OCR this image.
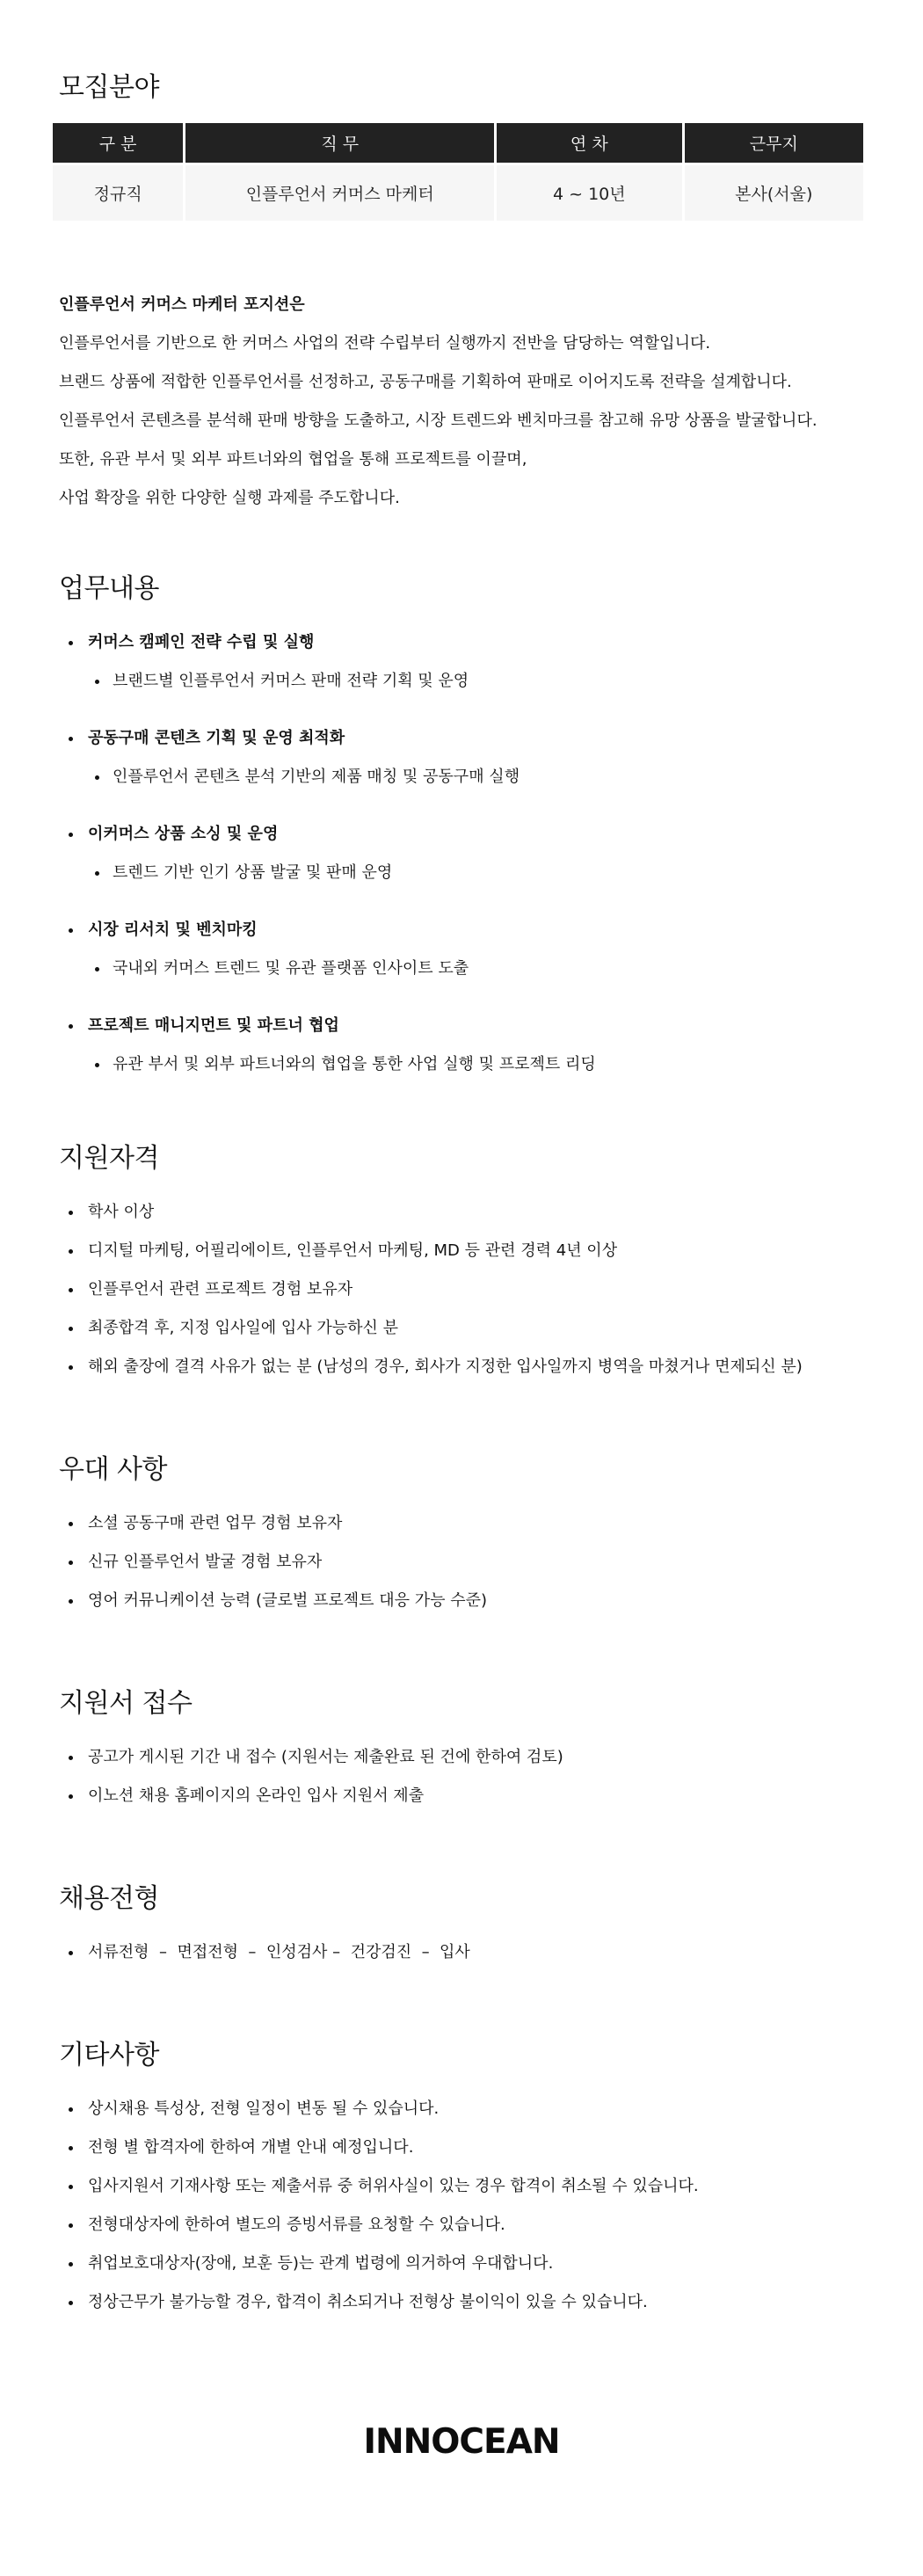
모집분야
구 분	직 무	연 차	근무지
정규직	인플루언서 커머스 마케터	4 ~ 10년	본사(서울)

인플루언서 커머스 마케터 포지션은

인플루언서를 기반으로 한 커머스 사업의 전략 수립부터 실행까지 전반을 담당하는 역할입니다.

브랜드 상품에 적합한 인플루언서를 선정하고, 공동구매를 기획하여 판매로 이어지도록 전략을 설계합니다.

인플루언서 콘텐츠를 분석해 판매 방향을 도출하고, 시장 트렌드와 벤치마크를 참고해 유망 상품을 발굴합니다.

또한, 유관 부서 및 외부 파트너와의 협업을 통해 프로젝트를 이끌며,

사업 확장을 위한 다양한 실행 과제를 주도합니다.

업무내용
커머스 캠페인 전략 수립 및 실행
브랜드별 인플루언서 커머스 판매 전략 기획 및 운영
공동구매 콘텐츠 기획 및 운영 최적화
인플루언서 콘텐츠 분석 기반의 제품 매칭 및 공동구매 실행
이커머스 상품 소싱 및 운영
트렌드 기반 인기 상품 발굴 및 판매 운영
시장 리서치 및 벤치마킹
국내외 커머스 트렌드 및 유관 플랫폼 인사이트 도출
프로젝트 매니지먼트 및 파트너 협업
유관 부서 및 외부 파트너와의 협업을 통한 사업 실행 및 프로젝트 리딩
지원자격
학사 이상
디지털 마케팅, 어필리에이트, 인플루언서 마케팅, MD 등 관련 경력 4년 이상
인플루언서 관련 프로젝트 경험 보유자
최종합격 후, 지정 입사일에 입사 가능하신 분
해외 출장에 결격 사유가 없는 분 (남성의 경우, 회사가 지정한 입사일까지 병역을 마쳤거나 면제되신 분)
우대 사항
소셜 공동구매 관련 업무 경험 보유자
신규 인플루언서 발굴 경험 보유자
영어 커뮤니케이션 능력 (글로벌 프로젝트 대응 가능 수준)
지원서 접수
공고가 게시된 기간 내 접수 (지원서는 제출완료 된 건에 한하여 검토)
이노션 채용 홈페이지의 온라인 입사 지원서 제출
채용전형
서류전형  –  면접전형  –  인성검사 –  건강검진  –  입사
기타사항
상시채용 특성상, 전형 일정이 변동 될 수 있습니다.
전형 별 합격자에 한하여 개별 안내 예정입니다.
입사지원서 기재사항 또는 제출서류 중 허위사실이 있는 경우 합격이 취소될 수 있습니다.
전형대상자에 한하여 별도의 증빙서류를 요청할 수 있습니다.
취업보호대상자(장애, 보훈 등)는 관계 법령에 의거하여 우대합니다.
정상근무가 불가능할 경우, 합격이 취소되거나 전형상 불이익이 있을 수 있습니다.
INNOCEAN
